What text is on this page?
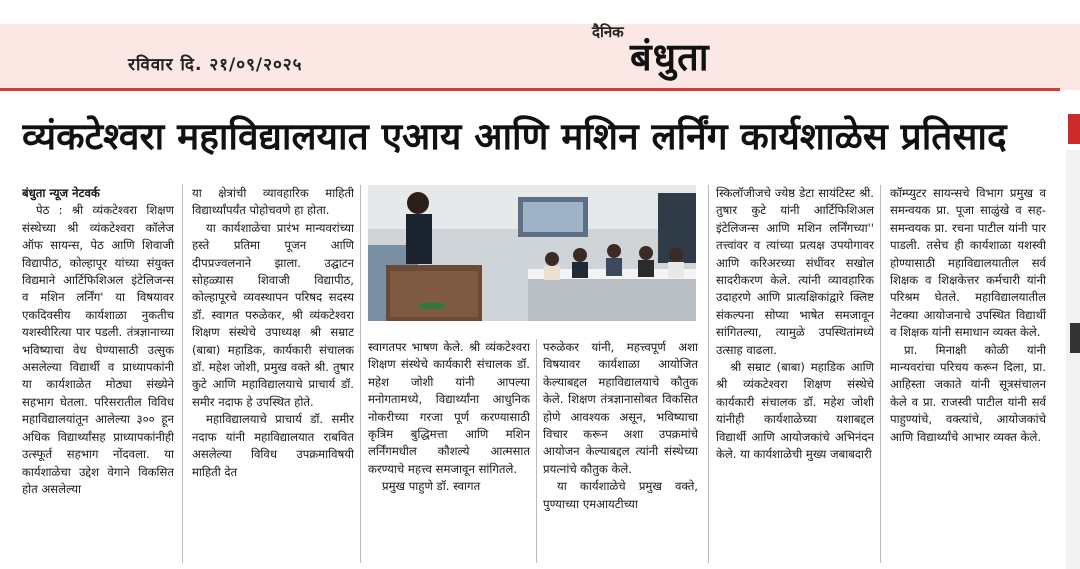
रविवार दि. २१/०९/२०२५
दैनिक
बंधुता
व्यंकटेश्वरा महाविद्यालयात एआय आणि मशिन लर्निंग कार्यशाळेस प्रतिसाद

बंधुता न्यूज नेटवर्क

पेठ : श्री व्यंकटेश्वरा शिक्षण संस्थेच्या श्री व्यंकटेश्वरा कॉलेज ऑफ सायन्स, पेठ आणि शिवाजी विद्यापीठ, कोल्हापूर यांच्या संयुक्त विद्यमाने आर्टिफिशिअल इंटेलिजन्स व मशिन लर्निंग' या विषयावर एकदिवसीय कार्यशाळा नुकतीच यशस्वीरित्या पार पडली. तंत्रज्ञानाच्या भविष्याचा वेध घेण्यासाठी उत्सुक असलेल्या विद्यार्थी व प्राध्यापकांनी या कार्यशाळेत मोठ्या संख्येने सहभाग घेतला. परिसरातील विविध महाविद्यालयांतून आलेल्या ३०० हून अधिक विद्यार्थ्यांसह प्राध्यापकांनीही उत्स्फूर्त सहभाग नोंदवला. या कार्यशाळेचा उद्देश वेगाने विकसित होत असलेल्या

या क्षेत्रांची व्यावहारिक माहिती विद्यार्थ्यांपर्यंत पोहोचवणे हा होता.

या कार्यशाळेचा प्रारंभ मान्यवरांच्या हस्ते प्रतिमा पूजन आणि दीपप्रज्वलनाने झाला. उद्घाटन सोहळ्यास शिवाजी विद्यापीठ, कोल्हापूरचे व्यवस्थापन परिषद सदस्य डॉ. स्वागत परुळेकर, श्री व्यंकटेश्वरा शिक्षण संस्थेचे उपाध्यक्ष श्री सम्राट (बाबा) महाडिक, कार्यकारी संचालक डॉ. महेश जोशी, प्रमुख वक्ते श्री. तुषार कुटे आणि महाविद्यालयाचे प्राचार्य डॉ. समीर नदाफ हे उपस्थित होते.

महाविद्यालयाचे प्राचार्य डॉ. समीर नदाफ यांनी महाविद्यालयात राबवित असलेल्या विविध उपक्रमाविषयी माहिती देत

स्वागतपर भाषण केले. श्री व्यंकटेश्वरा शिक्षण संस्थेचे कार्यकारी संचालक डॉ. महेश जोशी यांनी आपल्या मनोगतामध्ये, विद्यार्थ्यांना आधुनिक नोकरीच्या गरजा पूर्ण करण्यासाठी कृत्रिम बुद्धिमत्ता आणि मशिन लर्निंगमधील कौशल्ये आत्मसात करण्याचे महत्त्व समजावून सांगितले.

प्रमुख पाहुणे डॉ. स्वागत

परुळेकर यांनी, महत्त्वपूर्ण अशा विषयावर कार्यशाळा आयोजित केल्याबद्दल महाविद्यालयाचे कौतुक केले. शिक्षण तंत्रज्ञानासोबत विकसित होणे आवश्यक असून, भविष्याचा विचार करून अशा उपक्रमांचे आयोजन केल्याबद्दल त्यांनी संस्थेच्या प्रयत्नांचे कौतुक केले.

या कार्यशाळेचे प्रमुख वक्ते, पुण्याच्या एमआयटीच्या

स्किलॉजीजचे ज्येष्ठ डेटा सायंटिस्ट श्री. तुषार कुटे यांनी आर्टिफिशिअल इंटेलिजन्स आणि मशिन लर्निंगच्या'' तत्त्वांवर व त्यांच्या प्रत्यक्ष उपयोगावर आणि करिअरच्या संधींवर सखोल सादरीकरण केले. त्यांनी व्यावहारिक उदाहरणे आणि प्रात्यक्षिकांद्वारे क्लिष्ट संकल्पना सोप्या भाषेत समजावून सांगितल्या, त्यामुळे उपस्थितांमध्ये उत्साह वाढला.

श्री सम्राट (बाबा) महाडिक आणि श्री व्यंकटेश्वरा शिक्षण संस्थेचे कार्यकारी संचालक डॉ. महेश जोशी यांनीही कार्यशाळेच्या यशाबद्दल विद्यार्थी आणि आयोजकांचे अभिनंदन केले. या कार्यशाळेची मुख्य जबाबदारी

कॉम्प्युटर सायन्सचे विभाग प्रमुख व समन्वयक प्रा. पूजा साळुंखे व सह-समन्वयक प्रा. रचना पाटील यांनी पार पाडली. तसेच ही कार्यशाळा यशस्वी होण्यासाठी महाविद्यालयातील सर्व शिक्षक व शिक्षकेत्तर कर्मचारी यांनी परिश्रम घेतले. महाविद्यालयातील नेटक्या आयोजनाचे उपस्थित विद्यार्थी व शिक्षक यांनी समाधान व्यक्त केले.

प्रा. मिनाक्षी कोळी यांनी मान्यवरांचा परिचय करून दिला, प्रा. आहिस्ता जकाते यांनी सूत्रसंचालन केले व प्रा. राजस्वी पाटील यांनी सर्व पाहुण्यांचे, वक्त्यांचे, आयोजकांचे आणि विद्यार्थ्यांचे आभार व्यक्त केले.
